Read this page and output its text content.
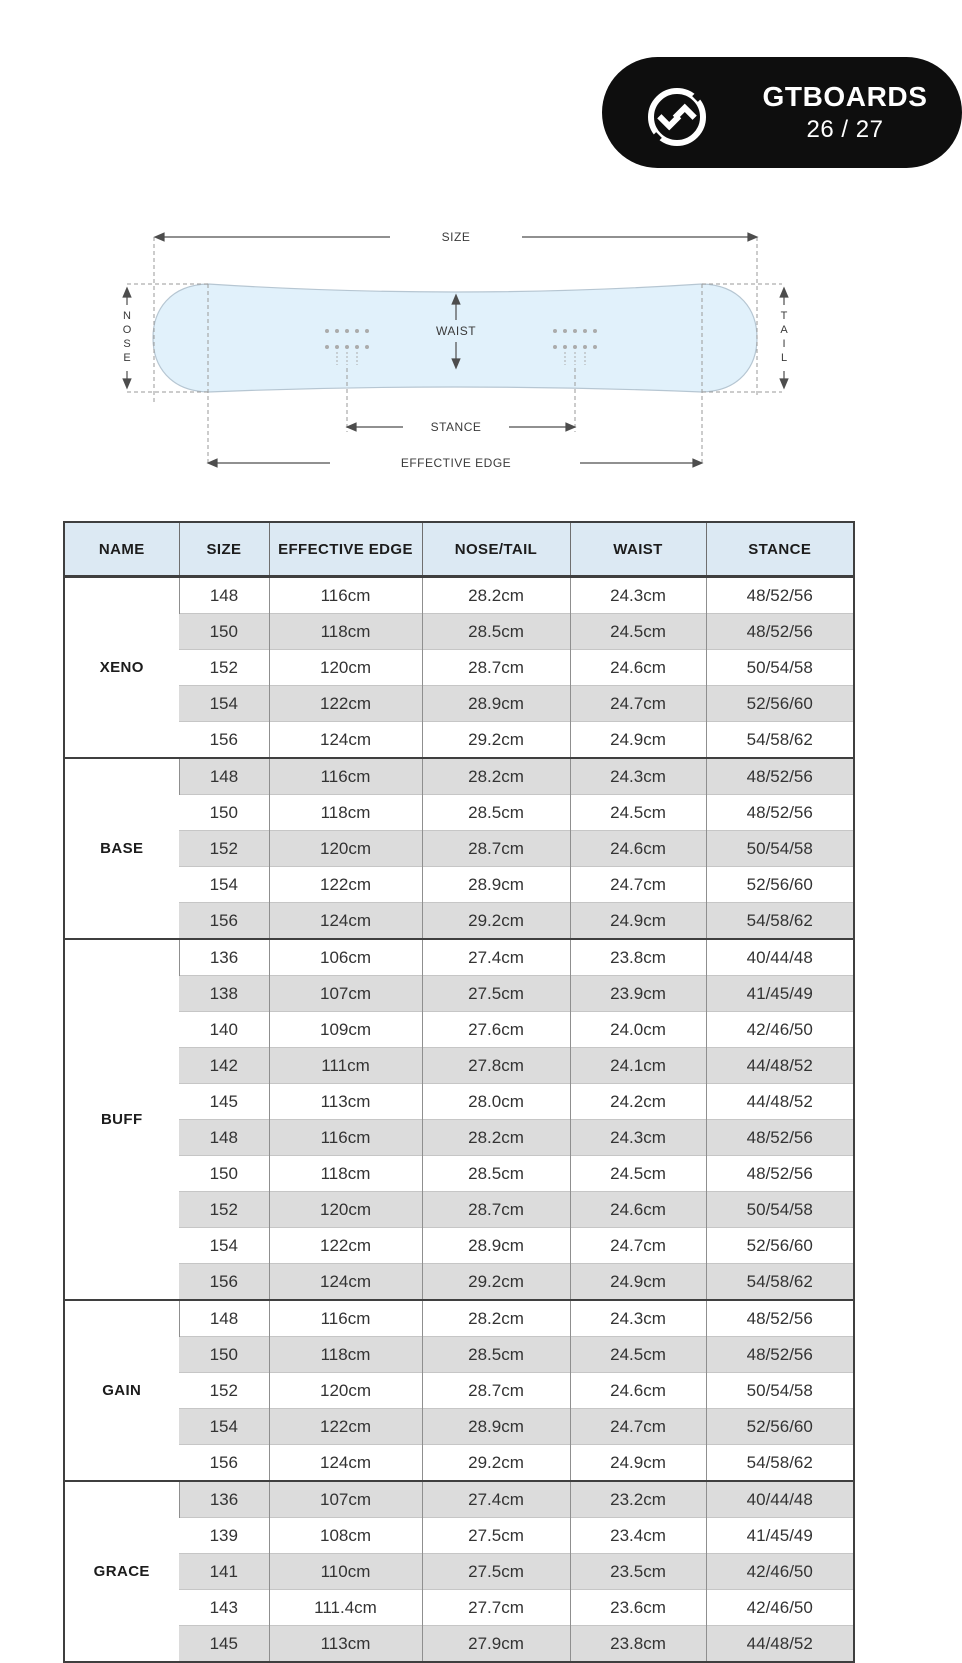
GTBOARDS
26 / 27
SIZE
WAIST
STANCE
EFFECTIVE EDGE
NOSE	TAIL
NAME	SIZE	EFFECTIVE EDGE	NOSE/TAIL	WAIST	STANCE
XENO	148	116cm	28.2cm	24.3cm	48/52/56
	150	118cm	28.5cm	24.5cm	48/52/56
	152	120cm	28.7cm	24.6cm	50/54/58
	154	122cm	28.9cm	24.7cm	52/56/60
	156	124cm	29.2cm	24.9cm	54/58/62
BASE	148	116cm	28.2cm	24.3cm	48/52/56
	150	118cm	28.5cm	24.5cm	48/52/56
	152	120cm	28.7cm	24.6cm	50/54/58
	154	122cm	28.9cm	24.7cm	52/56/60
	156	124cm	29.2cm	24.9cm	54/58/62
BUFF	136	106cm	27.4cm	23.8cm	40/44/48
	138	107cm	27.5cm	23.9cm	41/45/49
	140	109cm	27.6cm	24.0cm	42/46/50
	142	111cm	27.8cm	24.1cm	44/48/52
	145	113cm	28.0cm	24.2cm	44/48/52
	148	116cm	28.2cm	24.3cm	48/52/56
	150	118cm	28.5cm	24.5cm	48/52/56
	152	120cm	28.7cm	24.6cm	50/54/58
	154	122cm	28.9cm	24.7cm	52/56/60
	156	124cm	29.2cm	24.9cm	54/58/62
GAIN	148	116cm	28.2cm	24.3cm	48/52/56
	150	118cm	28.5cm	24.5cm	48/52/56
	152	120cm	28.7cm	24.6cm	50/54/58
	154	122cm	28.9cm	24.7cm	52/56/60
	156	124cm	29.2cm	24.9cm	54/58/62
GRACE	136	107cm	27.4cm	23.2cm	40/44/48
	139	108cm	27.5cm	23.4cm	41/45/49
	141	110cm	27.5cm	23.5cm	42/46/50
	143	111.4cm	27.7cm	23.6cm	42/46/50
	145	113cm	27.9cm	23.8cm	44/48/52
